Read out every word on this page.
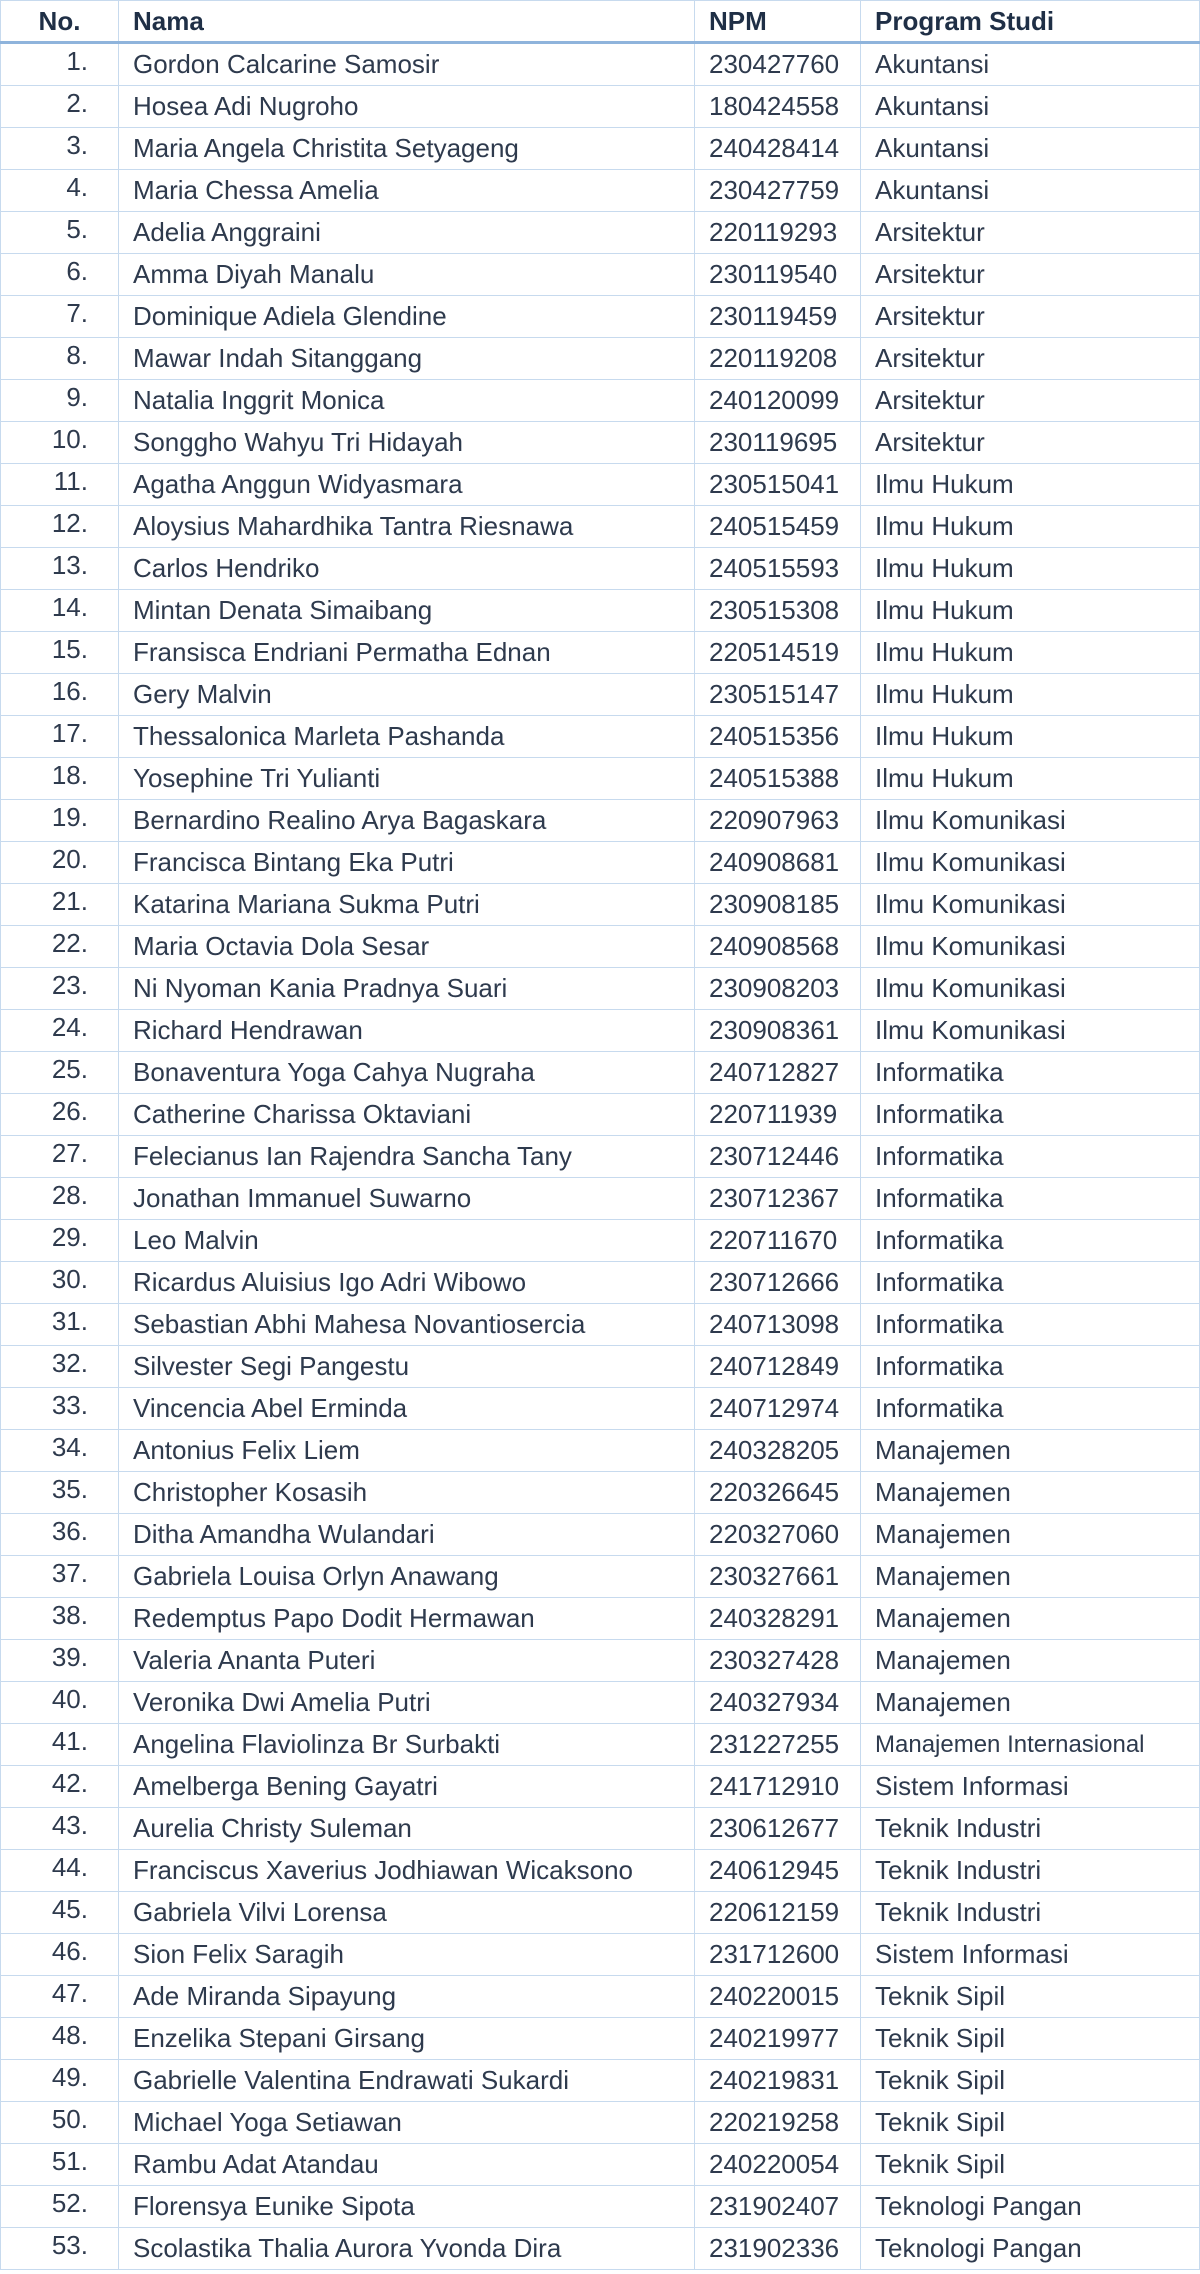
No.	Nama	NPM	Program Studi
1.	Gordon Calcarine Samosir	230427760	Akuntansi
2.	Hosea Adi Nugroho	180424558	Akuntansi
3.	Maria Angela Christita Setyageng	240428414	Akuntansi
4.	Maria Chessa Amelia	230427759	Akuntansi
5.	Adelia Anggraini	220119293	Arsitektur
6.	Amma Diyah Manalu	230119540	Arsitektur
7.	Dominique Adiela Glendine	230119459	Arsitektur
8.	Mawar Indah Sitanggang	220119208	Arsitektur
9.	Natalia Inggrit Monica	240120099	Arsitektur
10.	Songgho Wahyu Tri Hidayah	230119695	Arsitektur
11.	Agatha Anggun Widyasmara	230515041	Ilmu Hukum
12.	Aloysius Mahardhika Tantra Riesnawa	240515459	Ilmu Hukum
13.	Carlos Hendriko	240515593	Ilmu Hukum
14.	Mintan Denata Simaibang	230515308	Ilmu Hukum
15.	Fransisca Endriani Permatha Ednan	220514519	Ilmu Hukum
16.	Gery Malvin	230515147	Ilmu Hukum
17.	Thessalonica Marleta Pashanda	240515356	Ilmu Hukum
18.	Yosephine Tri Yulianti	240515388	Ilmu Hukum
19.	Bernardino Realino Arya Bagaskara	220907963	Ilmu Komunikasi
20.	Francisca Bintang Eka Putri	240908681	Ilmu Komunikasi
21.	Katarina Mariana Sukma Putri	230908185	Ilmu Komunikasi
22.	Maria Octavia Dola Sesar	240908568	Ilmu Komunikasi
23.	Ni Nyoman Kania Pradnya Suari	230908203	Ilmu Komunikasi
24.	Richard Hendrawan	230908361	Ilmu Komunikasi
25.	Bonaventura Yoga Cahya Nugraha	240712827	Informatika
26.	Catherine Charissa Oktaviani	220711939	Informatika
27.	Felecianus Ian Rajendra Sancha Tany	230712446	Informatika
28.	Jonathan Immanuel Suwarno	230712367	Informatika
29.	Leo Malvin	220711670	Informatika
30.	Ricardus Aluisius Igo Adri Wibowo	230712666	Informatika
31.	Sebastian Abhi Mahesa Novantiosercia	240713098	Informatika
32.	Silvester Segi Pangestu	240712849	Informatika
33.	Vincencia Abel Erminda	240712974	Informatika
34.	Antonius Felix Liem	240328205	Manajemen
35.	Christopher Kosasih	220326645	Manajemen
36.	Ditha Amandha Wulandari	220327060	Manajemen
37.	Gabriela Louisa Orlyn Anawang	230327661	Manajemen
38.	Redemptus Papo Dodit Hermawan	240328291	Manajemen
39.	Valeria Ananta Puteri	230327428	Manajemen
40.	Veronika Dwi Amelia Putri	240327934	Manajemen
41.	Angelina Flaviolinza Br Surbakti	231227255	Manajemen Internasional
42.	Amelberga Bening Gayatri	241712910	Sistem Informasi
43.	Aurelia Christy Suleman	230612677	Teknik Industri
44.	Franciscus Xaverius Jodhiawan Wicaksono	240612945	Teknik Industri
45.	Gabriela Vilvi Lorensa	220612159	Teknik Industri
46.	Sion Felix Saragih	231712600	Sistem Informasi
47.	Ade Miranda Sipayung	240220015	Teknik Sipil
48.	Enzelika Stepani Girsang	240219977	Teknik Sipil
49.	Gabrielle Valentina Endrawati Sukardi	240219831	Teknik Sipil
50.	Michael Yoga Setiawan	220219258	Teknik Sipil
51.	Rambu Adat Atandau	240220054	Teknik Sipil
52.	Florensya Eunike Sipota	231902407	Teknologi Pangan
53.	Scolastika Thalia Aurora Yvonda Dira	231902336	Teknologi Pangan
